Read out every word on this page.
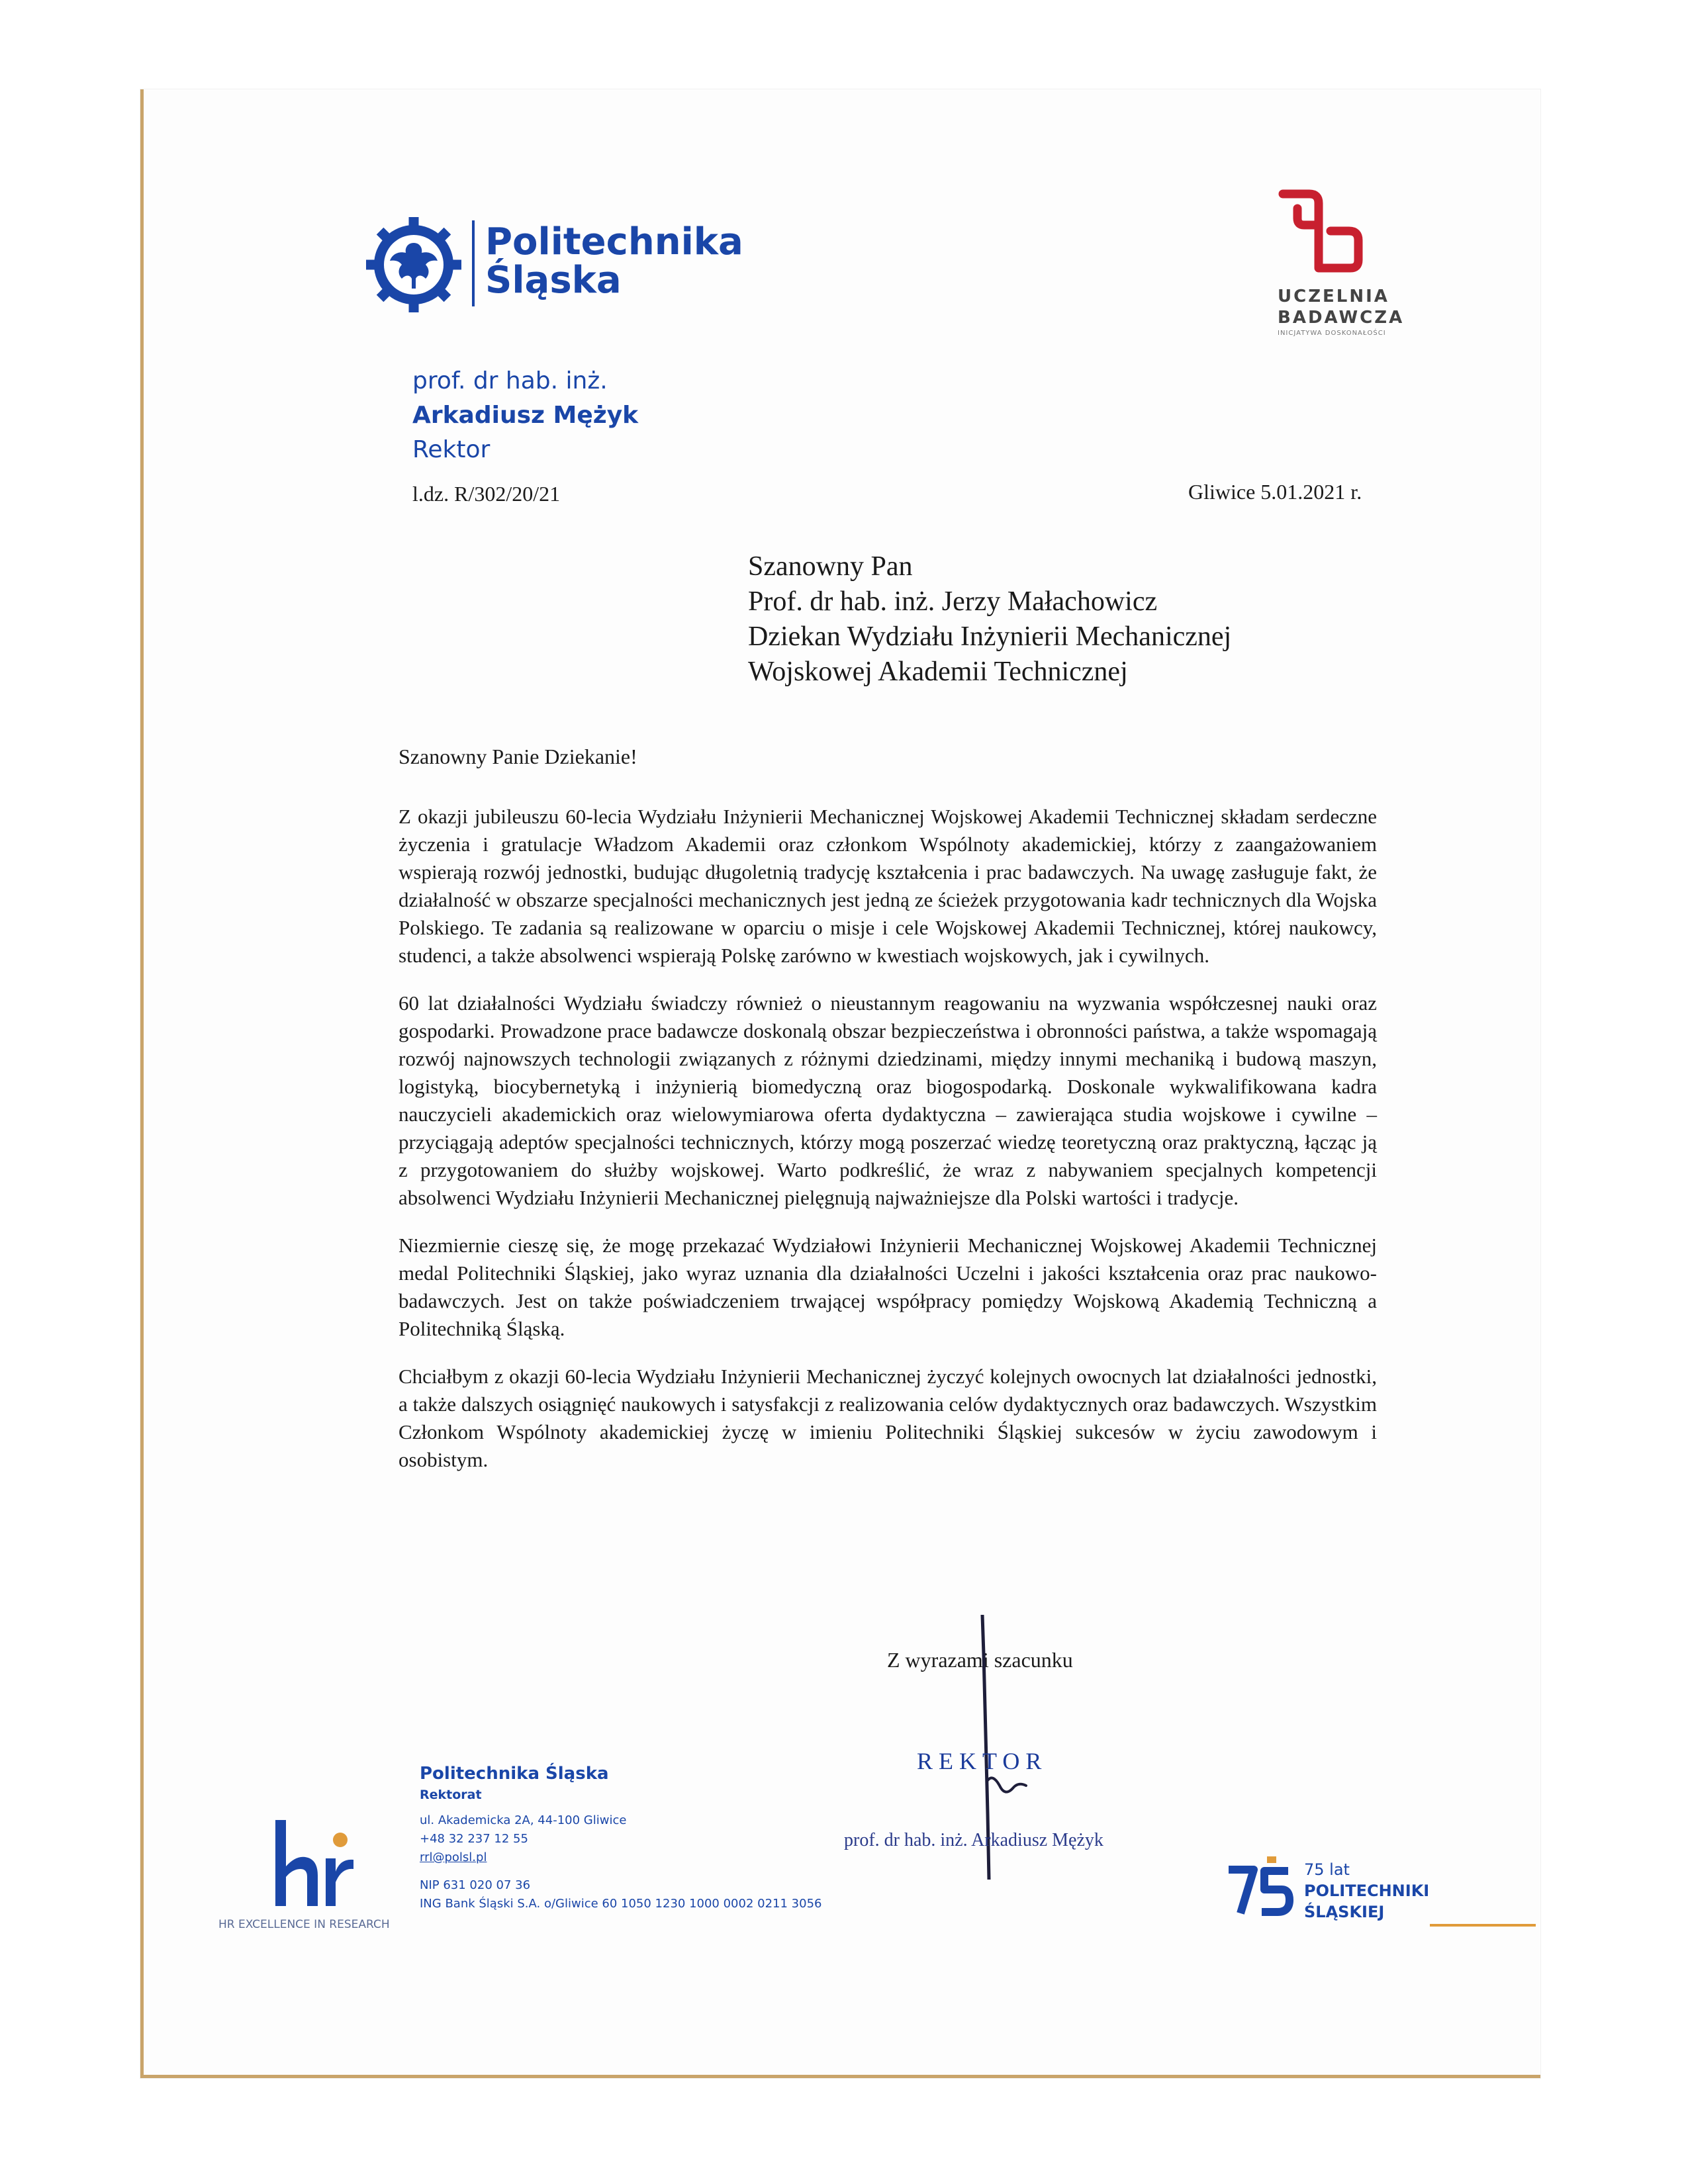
Politechnika
Śląska	UCZELNIA
BADAWCZA
INICJATYWA DOSKONAŁOŚCI
prof. dr hab. inż.
Arkadiusz Mężyk
Rektor
l.dz. R/302/20/21	Gliwice 5.01.2021 r.
Szanowny Pan
Prof. dr hab. inż. Jerzy Małachowicz
Dziekan Wydziału Inżynierii Mechanicznej
Wojskowej Akademii Technicznej
Szanowny Panie Dziekanie!

Z okazji jubileuszu 60-lecia Wydziału Inżynierii Mechanicznej Wojskowej Akademii Technicznej składam serdeczne życzenia i gratulacje Władzom Akademii oraz członkom Wspólnoty akademickiej, którzy z zaangażowaniem wspierają rozwój jednostki, budując długoletnią tradycję kształcenia i prac badawczych. Na uwagę zasługuje fakt, że działalność w obszarze specjalności mechanicznych jest jedną ze ścieżek przygotowania kadr technicznych dla Wojska Polskiego. Te zadania są realizowane w oparciu o misje i cele Wojskowej Akademii Technicznej, której naukowcy, studenci, a także absolwenci wspierają Polskę zarówno w kwestiach wojskowych, jak i cywilnych.

60 lat działalności Wydziału świadczy również o nieustannym reagowaniu na wyzwania współczesnej nauki oraz gospodarki. Prowadzone prace badawcze doskonalą obszar bezpieczeństwa i obronności państwa, a także wspomagają rozwój najnowszych technologii związanych z różnymi dziedzinami, między innymi mechaniką i budową maszyn, logistyką, biocybernetyką i inżynierią biomedyczną oraz biogospodarką. Doskonale wykwalifikowana kadra nauczycieli akademickich oraz wielowymiarowa oferta dydaktyczna – zawierająca studia wojskowe i cywilne – przyciągają adeptów specjalności technicznych, którzy mogą poszerzać wiedzę teoretyczną oraz praktyczną, łącząc ją z przygotowaniem do służby wojskowej. Warto podkreślić, że wraz z nabywaniem specjalnych kompetencji absolwenci Wydziału Inżynierii Mechanicznej pielęgnują najważniejsze dla Polski wartości i tradycje.

Niezmiernie cieszę się, że mogę przekazać Wydziałowi Inżynierii Mechanicznej Wojskowej Akademii Technicznej medal Politechniki Śląskiej, jako wyraz uznania dla działalności Uczelni i jakości kształcenia oraz prac naukowo-badawczych. Jest on także poświadczeniem trwającej współpracy pomiędzy Wojskową Akademią Techniczną a Politechniką Śląską.

Chciałbym z okazji 60-lecia Wydziału Inżynierii Mechanicznej życzyć kolejnych owocnych lat działalności jednostki, a także dalszych osiągnięć naukowych i satysfakcji z realizowania celów dydaktycznych oraz badawczych. Wszystkim Członkom Wspólnoty akademickiej życzę w imieniu Politechniki Śląskiej sukcesów w życiu zawodowym i osobistym.

Z wyrazami szacunku
REKTOR
prof. dr hab. inż. Arkadiusz Mężyk
HR EXCELLENCE IN RESEARCH
Politechnika Śląska
Rektorat
ul. Akademicka 2A, 44-100 Gliwice
+48 32 237 12 55
rrl@polsl.pl
NIP 631 020 07 36
ING Bank Śląski S.A. o/Gliwice 60 1050 1230 1000 0002 0211 3056
75 lat
POLITECHNIKI
ŚLĄSKIEJ
